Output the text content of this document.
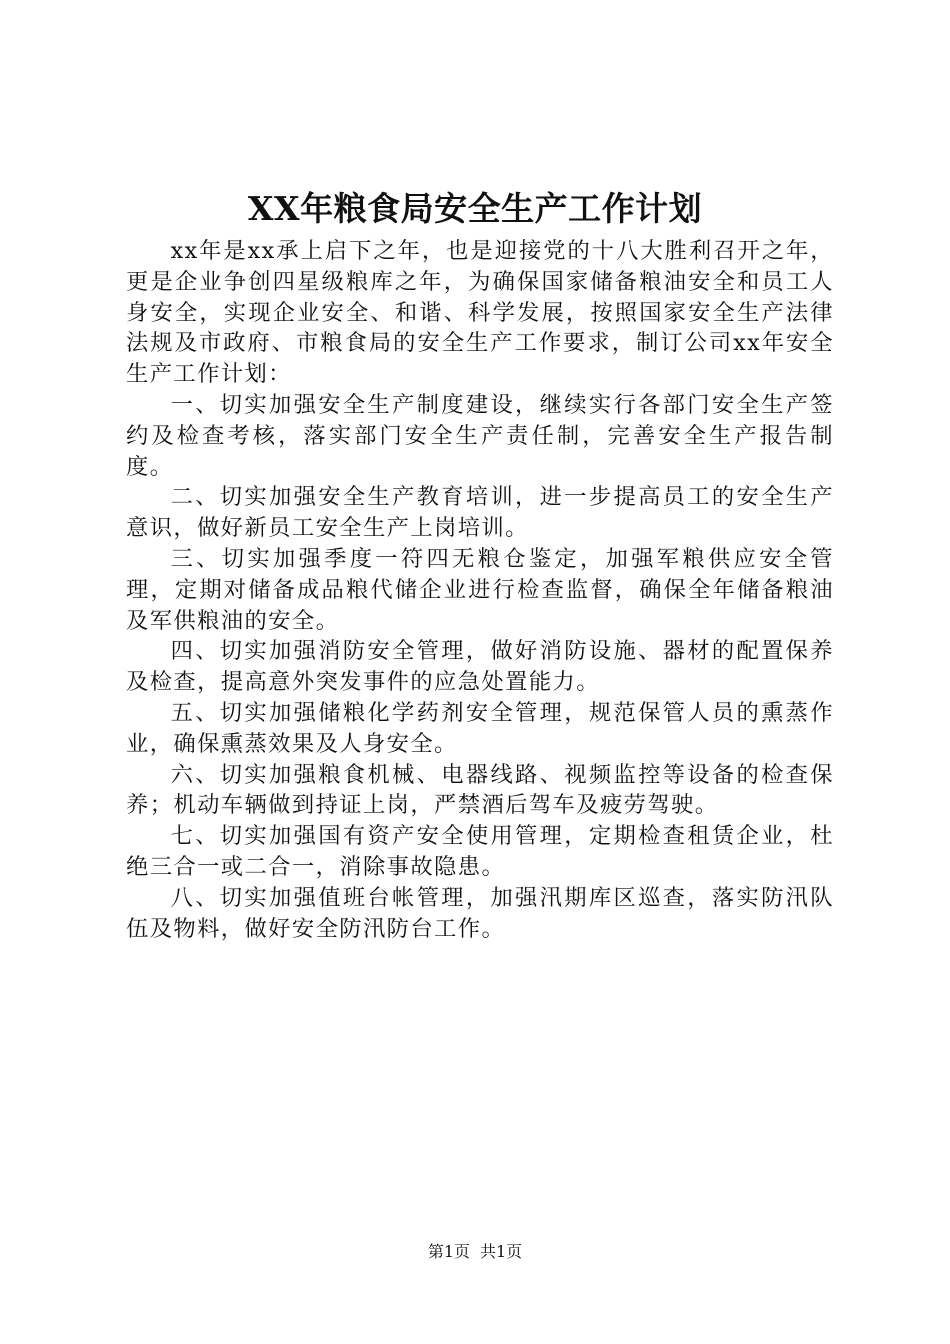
XX年粮食局安全生产工作计划

xx年是xx承上启下之年，也是迎接党的十八大胜利召开之年，更是企业争创四星级粮库之年，为确保国家储备粮油安全和员工人身安全，实现企业安全、和谐、科学发展，按照国家安全生产法律法规及市政府、市粮食局的安全生产工作要求，制订公司xx年安全生产工作计划：

一、切实加强安全生产制度建设，继续实行各部门安全生产签约及检查考核，落实部门安全生产责任制，完善安全生产报告制度。

二、切实加强安全生产教育培训，进一步提高员工的安全生产意识，做好新员工安全生产上岗培训。

三、切实加强季度一符四无粮仓鉴定，加强军粮供应安全管理，定期对储备成品粮代储企业进行检查监督，确保全年储备粮油及军供粮油的安全。

四、切实加强消防安全管理，做好消防设施、器材的配置保养及检查，提高意外突发事件的应急处置能力。

五、切实加强储粮化学药剂安全管理，规范保管人员的熏蒸作业，确保熏蒸效果及人身安全。

六、切实加强粮食机械、电器线路、视频监控等设备的检查保养；机动车辆做到持证上岗，严禁酒后驾车及疲劳驾驶。

七、切实加强国有资产安全使用管理，定期检查租赁企业，杜绝三合一或二合一，消除事故隐患。

八、切实加强值班台帐管理，加强汛期库区巡查，落实防汛队伍及物料，做好安全防汛防台工作。

第1页 共1页
